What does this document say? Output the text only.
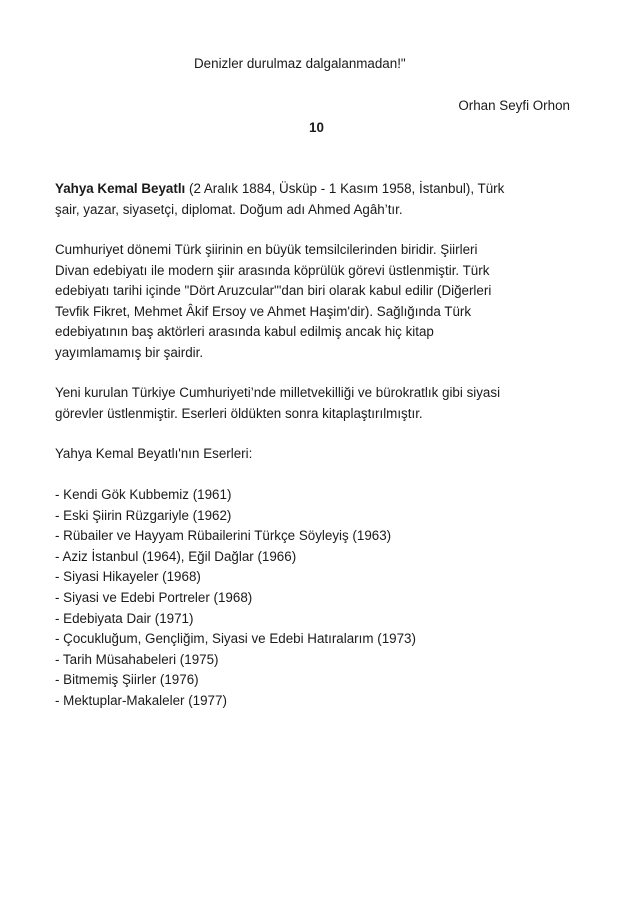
Denizler durulmaz dalgalanmadan!"
Orhan Seyfi Orhon
10

Yahya Kemal Beyatlı (2 Aralık 1884, Üsküp - 1 Kasım 1958, İstanbul), Türk

şair, yazar, siyasetçi, diplomat. Doğum adı Ahmed Agâh’tır.

Cumhuriyet dönemi Türk şiirinin en büyük temsilcilerinden biridir. Şiirleri

Divan edebiyatı ile modern şiir arasında köprülük görevi üstlenmiştir. Türk

edebiyatı tarihi içinde "Dört Aruzcular"'dan biri olarak kabul edilir (Diğerleri

Tevfik Fikret, Mehmet Âkif Ersoy ve Ahmet Haşim'dir). Sağlığında Türk

edebiyatının baş aktörleri arasında kabul edilmiş ancak hiç kitap

yayımlamamış bir şairdir.

Yeni kurulan Türkiye Cumhuriyeti’nde milletvekilliği ve bürokratlık gibi siyasi

görevler üstlenmiştir. Eserleri öldükten sonra kitaplaştırılmıştır.

Yahya Kemal Beyatlı'nın Eserleri:

- Kendi Gök Kubbemiz (1961)
- Eski Şiirin Rüzgariyle (1962)
- Rübailer ve Hayyam Rübailerini Türkçe Söyleyiş (1963)
- Aziz İstanbul (1964), Eğil Dağlar (1966)
- Siyasi Hikayeler (1968)
- Siyasi ve Edebi Portreler (1968)
- Edebiyata Dair (1971)
- Çocukluğum, Gençliğim, Siyasi ve Edebi Hatıralarım (1973)
- Tarih Müsahabeleri (1975)
- Bitmemiş Şiirler (1976)
- Mektuplar-Makaleler (1977)
